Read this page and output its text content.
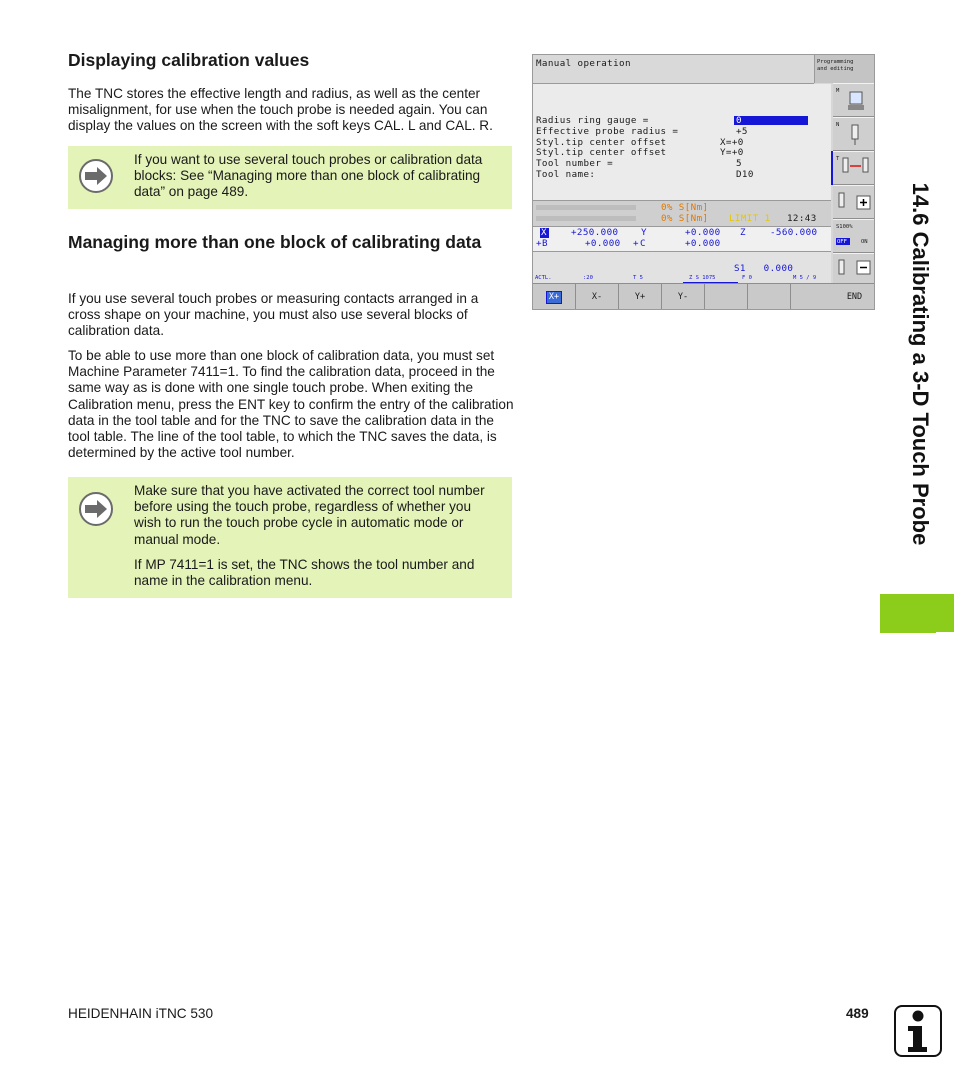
Displaying calibration values

The TNC stores the effective length and radius, as well as the center misalignment, for use when the touch probe is needed again. You can display the values on the screen with the soft keys CAL. L and CAL. R.

If you want to use several touch probes or calibration data blocks: See “Managing more than one block of calibrating data” on page 489.
Managing more than one block of calibrating data

If you use several touch probes or measuring contacts arranged in a cross shape on your machine, you must also use several blocks of calibration data.

To be able to use more than one block of calibration data, you must set Machine Parameter 7411=1. To find the calibration data, proceed in the same way as is done with one single touch probe. When exiting the Calibration menu, press the ENT key to confirm the entry of the calibration data in the tool table and for the TNC to save the calibration data in the tool table. The line of the tool table, to which the TNC saves the data, is determined by the active tool number.

Make sure that you have activated the correct tool number before using the touch probe, regardless of whether you wish to run the touch probe cycle in automatic mode or manual mode.
If MP 7411=1 is set, the TNC shows the tool number and name in the calibration menu.
Manual operation	Programming
and editing
Radius ring gauge =	0
Effective probe radius =	+5
Styl.tip center offset	X=+0
Styl.tip center offset	Y=+0
Tool number =	5
Tool name:	D10
0% S[Nm]
0% S[Nm] LIMIT 1 12:43
X	+250.000 Y	+0.000 Z	-560.000
+ B	+0.000 + C	+0.000
S1   0.000
ACTL.	:20	T 5	Z S 1075	F 0	M 5 / 9
M
N
T
S100%
OFF	ON
X+	X-	Y+	Y-	END	14.6 Calibrating a 3-D Touch Probe
HEIDENHAIN iTNC 530	489
